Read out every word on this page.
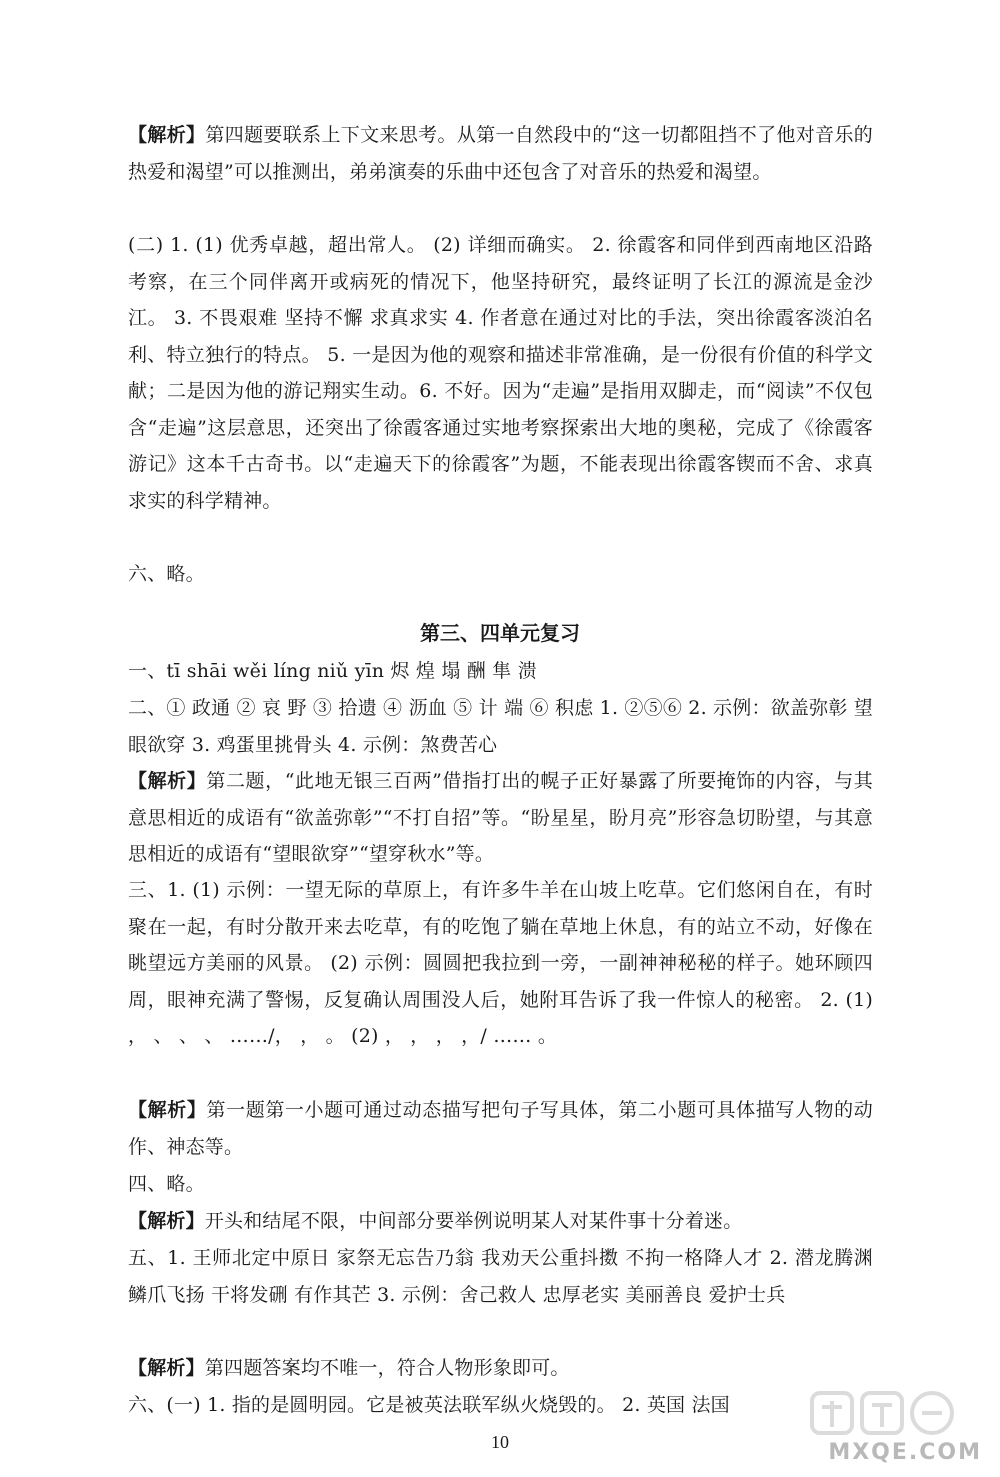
【解析】第四题要联系上下文来思考。从第一自然段中的“这一切都阻挡不了他对音乐的热爱和渴望”可以推测出，弟弟演奏的乐曲中还包含了对音乐的热爱和渴望。

(二) 1. (1) 优秀卓越，超出常人。 (2) 详细而确实。 2. 徐霞客和同伴到西南地区沿路考察，在三个同伴离开或病死的情况下，他坚持研究，最终证明了长江的源流是金沙江。 3. 不畏艰难 坚持不懈 求真求实 4. 作者意在通过对比的手法，突出徐霞客淡泊名利、特立独行的特点。 5. 一是因为他的观察和描述非常准确，是一份很有价值的科学文献；二是因为他的游记翔实生动。6. 不好。因为“走遍”是指用双脚走，而“阅读”不仅包含“走遍”这层意思，还突出了徐霞客通过实地考察探索出大地的奥秘，完成了《徐霞客游记》这本千古奇书。以“走遍天下的徐霞客”为题，不能表现出徐霞客锲而不舍、求真求实的科学精神。

六、略。

第三、四单元复习

一、tī shāi wěi líng niǔ yīn 烬 煌 塌 酬 隼 溃

二、① 政通 ② 哀 野 ③ 拾遗 ④ 沥血 ⑤ 计 端 ⑥ 积虑 1. ②⑤⑥ 2. 示例：欲盖弥彰 望眼欲穿 3. 鸡蛋里挑骨头 4. 示例：煞费苦心

【解析】第二题，“此地无银三百两”借指打出的幌子正好暴露了所要掩饰的内容，与其意思相近的成语有“欲盖弥彰”“不打自招”等。“盼星星，盼月亮”形容急切盼望，与其意思相近的成语有“望眼欲穿”“望穿秋水”等。

三、1. (1) 示例：一望无际的草原上，有许多牛羊在山坡上吃草。它们悠闲自在，有时聚在一起，有时分散开来去吃草，有的吃饱了躺在草地上休息，有的站立不动，好像在眺望远方美丽的风景。 (2) 示例：圆圆把我拉到一旁，一副神神秘秘的样子。她环顾四周，眼神充满了警惕，反复确认周围没人后，她附耳告诉了我一件惊人的秘密。 2. (1) ， 、 、 、 ……/， ， 。 (2) ， ， ， ，/ …… 。

【解析】第一题第一小题可通过动态描写把句子写具体，第二小题可具体描写人物的动作、神态等。

四、略。

【解析】开头和结尾不限，中间部分要举例说明某人对某件事十分着迷。

五、1. 王师北定中原日 家祭无忘告乃翁 我劝天公重抖擞 不拘一格降人才 2. 潜龙腾渊 鳞爪飞扬 干将发硎 有作其芒 3. 示例：舍己救人 忠厚老实 美丽善良 爱护士兵

【解析】第四题答案均不唯一，符合人物形象即可。

六、(一) 1. 指的是圆明园。它是被英法联军纵火烧毁的。 2. 英国 法国

10	MXQE.COM
